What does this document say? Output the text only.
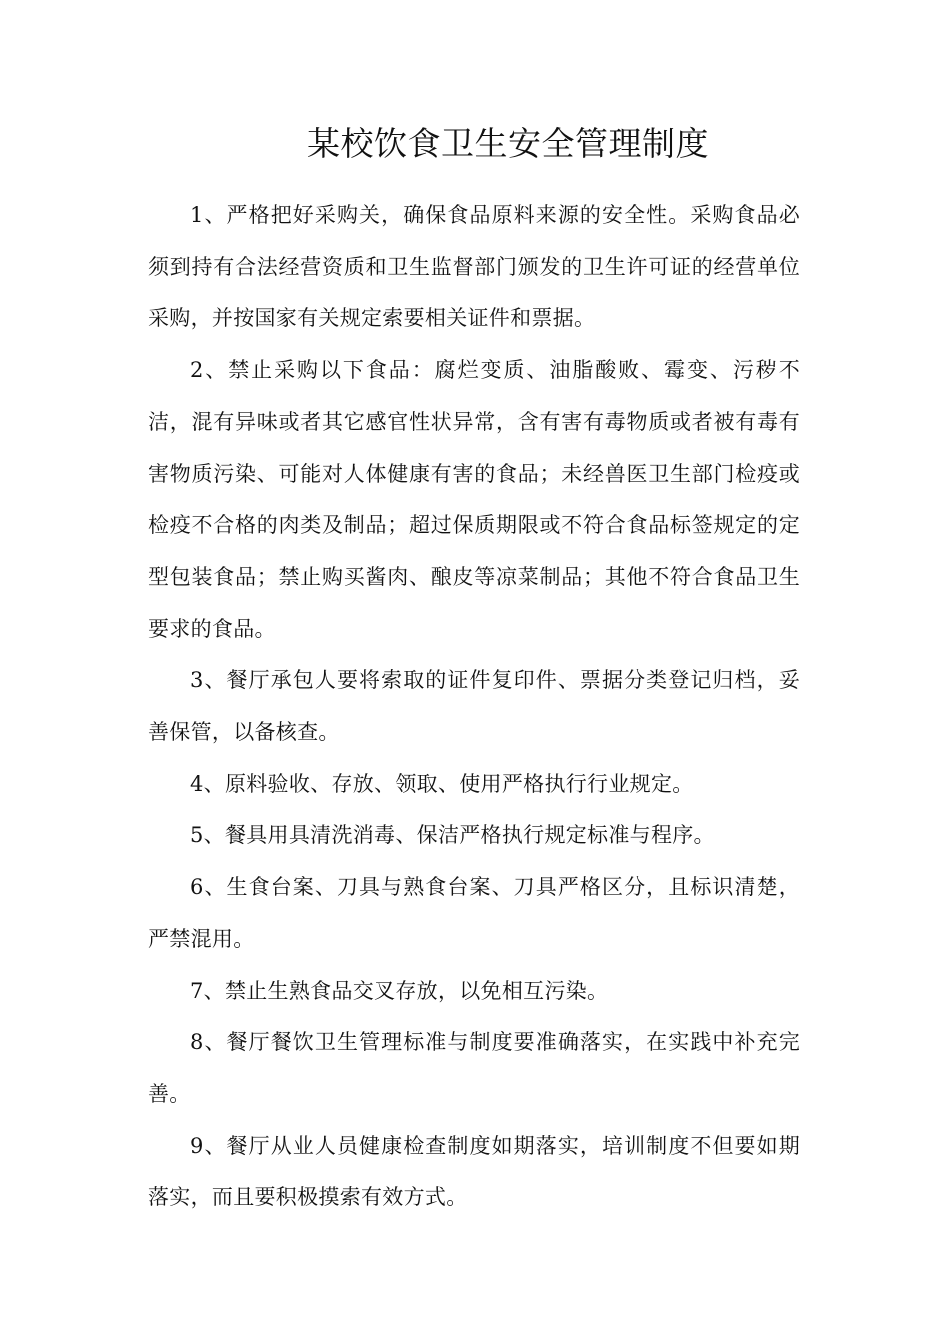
某校饮食卫生安全管理制度

1、严格把好采购关，确保食品原料来源的安全性。采购食品必须到持有合法经营资质和卫生监督部门颁发的卫生许可证的经营单位采购，并按国家有关规定索要相关证件和票据。

2、禁止采购以下食品：腐烂变质、油脂酸败、霉变、污秽不洁，混有异味或者其它感官性状异常，含有害有毒物质或者被有毒有害物质污染、可能对人体健康有害的食品；未经兽医卫生部门检疫或检疫不合格的肉类及制品；超过保质期限或不符合食品标签规定的定型包装食品；禁止购买酱肉、酿皮等凉菜制品；其他不符合食品卫生要求的食品。

3、餐厅承包人要将索取的证件复印件、票据分类登记归档，妥善保管，以备核查。

4、原料验收、存放、领取、使用严格执行行业规定。

5、餐具用具清洗消毒、保洁严格执行规定标准与程序。

6、生食台案、刀具与熟食台案、刀具严格区分，且标识清楚，严禁混用。

7、禁止生熟食品交叉存放，以免相互污染。

8、餐厅餐饮卫生管理标准与制度要准确落实，在实践中补充完善。

9、餐厅从业人员健康检查制度如期落实，培训制度不但要如期落实，而且要积极摸索有效方式。
